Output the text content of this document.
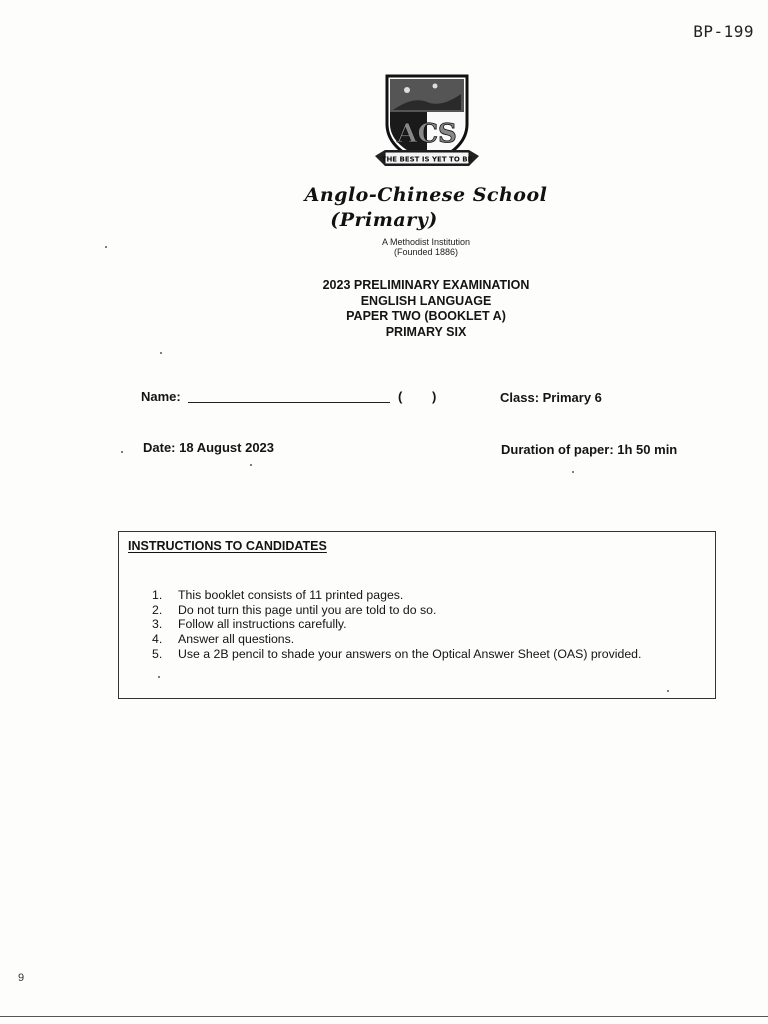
BP-199
ACS
THE BEST IS YET TO BE
Anglo-Chinese School
(Primary)
A Methodist Institution
(Founded 1886)
2023 PRELIMINARY EXAMINATION
ENGLISH LANGUAGE
PAPER TWO (BOOKLET A)
PRIMARY SIX
Name:	( )	Class: Primary 6
Date: 18 August 2023	Duration of paper: 1h 50 min
INSTRUCTIONS TO CANDIDATES
1. This booklet consists of 11 printed pages.
2. Do not turn this page until you are told to do so.
3. Follow all instructions carefully.
4. Answer all questions.
5. Use a 2B pencil to shade your answers on the Optical Answer Sheet (OAS) provided.
9
